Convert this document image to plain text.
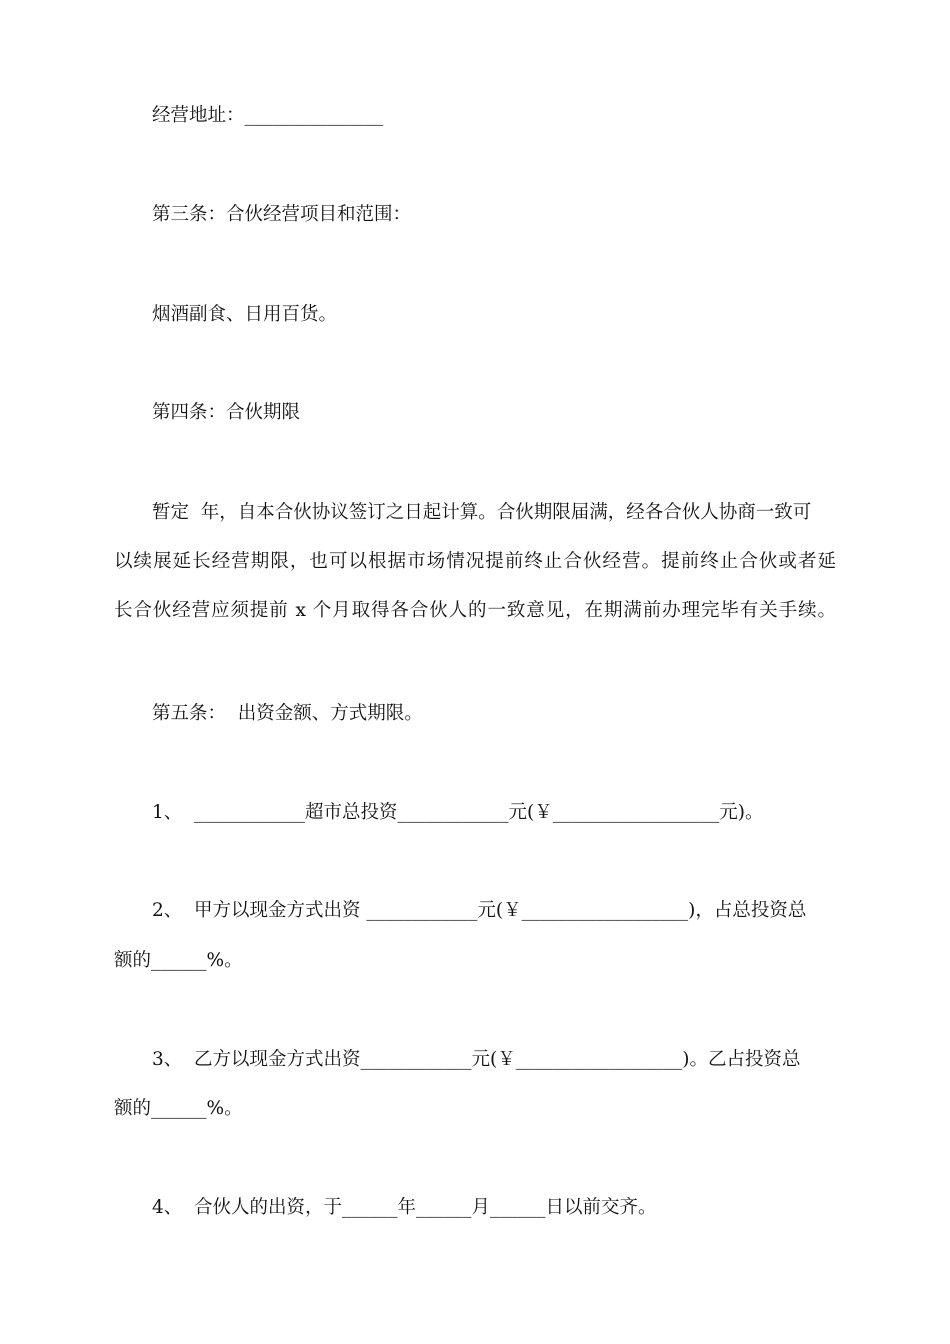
经营地址：_______________
第三条：合伙经营项目和范围：
烟酒副食、日用百货。
第四条：合伙期限
暂定  年，自本合伙协议签订之日起计算。合伙期限届满，经各合伙人协商一致可
以续展延长经营期限，也可以根据市场情况提前终止合伙经营。提前终止合伙或者延
长合伙经营应须提前 x 个月取得各合伙人的一致意见，在期满前办理完毕有关手续。
第五条：  出资金额、方式期限。
1、  ____________超市总投资____________元(￥__________________元)。
2、  甲方以现金方式出资 ____________元(￥__________________)，占总投资总
额的______%。
3、  乙方以现金方式出资____________元(￥__________________)。乙占投资总
额的______%。
4、  合伙人的出资，于______年______月______日以前交齐。
